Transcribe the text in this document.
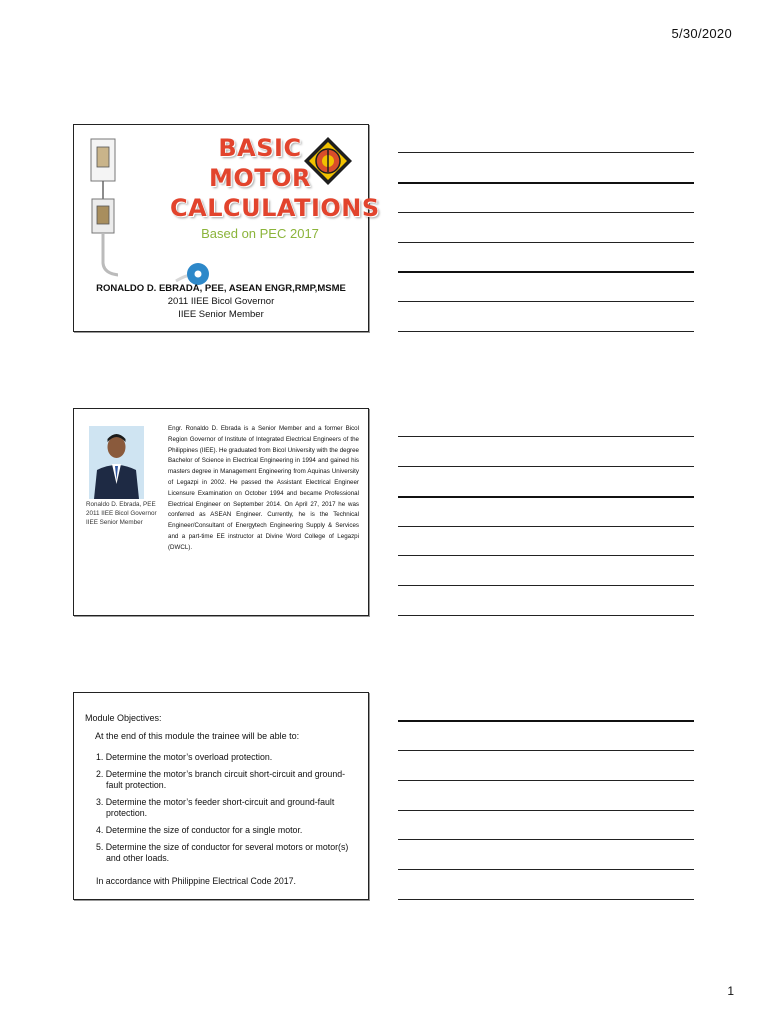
5/30/2020
BASIC
MOTOR
CALCULATIONS
Based on PEC 2017
RONALDO D. EBRADA, PEE, ASEAN ENGR,RMP,MSME
2011 IIEE Bicol Governor
IIEE Senior Member
Ronaldo D. Ebrada, PEE
2011 IIEE Bicol Governor
IIEE Senior Member
Engr. Ronaldo D. Ebrada is a Senior Member and a former Bicol Region Governor of Institute of Integrated Electrical Engineers of the Philippines (IIEE). He graduated from Bicol University with the degree Bachelor of Science in Electrical Engineering in 1994 and gained his masters degree in Management Engineering from Aquinas University of Legazpi in 2002. He passed the Assistant Electrical Engineer Licensure Examination on October 1994 and became Professional Electrical Engineer on September 2014. On April 27, 2017 he was conferred as ASEAN Engineer. Currently, he is the Technical Engineer/Consultant of Energytech Engineering Supply & Services and a part-time EE instructor at Divine Word College of Legazpi (DWCL).
Module Objectives:
At the end of this module the trainee will be able to:
1. Determine the motor’s overload protection.
2. Determine the motor’s branch circuit short-circuit and ground-fault protection.
3. Determine the motor’s feeder short-circuit and ground-fault protection.
4. Determine the size of conductor for a single motor.
5. Determine the size of conductor for several motors or motor(s) and other loads.
In accordance with Philippine Electrical Code 2017.
1
